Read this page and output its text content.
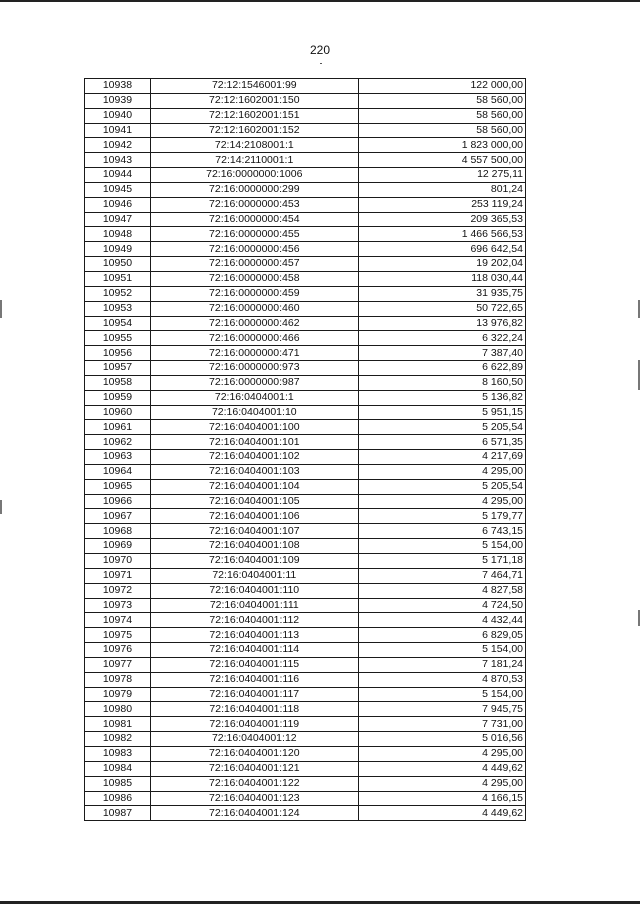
220
10938	72:12:1546001:99	122 000,00
10939	72:12:1602001:150	58 560,00
10940	72:12:1602001:151	58 560,00
10941	72:12:1602001:152	58 560,00
10942	72:14:2108001:1	1 823 000,00
10943	72:14:2110001:1	4 557 500,00
10944	72:16:0000000:1006	12 275,11
10945	72:16:0000000:299	801,24
10946	72:16:0000000:453	253 119,24
10947	72:16:0000000:454	209 365,53
10948	72:16:0000000:455	1 466 566,53
10949	72:16:0000000:456	696 642,54
10950	72:16:0000000:457	19 202,04
10951	72:16:0000000:458	118 030,44
10952	72:16:0000000:459	31 935,75
10953	72:16:0000000:460	50 722,65
10954	72:16:0000000:462	13 976,82
10955	72:16:0000000:466	6 322,24
10956	72:16:0000000:471	7 387,40
10957	72:16:0000000:973	6 622,89
10958	72:16:0000000:987	8 160,50
10959	72:16:0404001:1	5 136,82
10960	72:16:0404001:10	5 951,15
10961	72:16:0404001:100	5 205,54
10962	72:16:0404001:101	6 571,35
10963	72:16:0404001:102	4 217,69
10964	72:16:0404001:103	4 295,00
10965	72:16:0404001:104	5 205,54
10966	72:16:0404001:105	4 295,00
10967	72:16:0404001:106	5 179,77
10968	72:16:0404001:107	6 743,15
10969	72:16:0404001:108	5 154,00
10970	72:16:0404001:109	5 171,18
10971	72:16:0404001:11	7 464,71
10972	72:16:0404001:110	4 827,58
10973	72:16:0404001:111	4 724,50
10974	72:16:0404001:112	4 432,44
10975	72:16:0404001:113	6 829,05
10976	72:16:0404001:114	5 154,00
10977	72:16:0404001:115	7 181,24
10978	72:16:0404001:116	4 870,53
10979	72:16:0404001:117	5 154,00
10980	72:16:0404001:118	7 945,75
10981	72:16:0404001:119	7 731,00
10982	72:16:0404001:12	5 016,56
10983	72:16:0404001:120	4 295,00
10984	72:16:0404001:121	4 449,62
10985	72:16:0404001:122	4 295,00
10986	72:16:0404001:123	4 166,15
10987	72:16:0404001:124	4 449,62
